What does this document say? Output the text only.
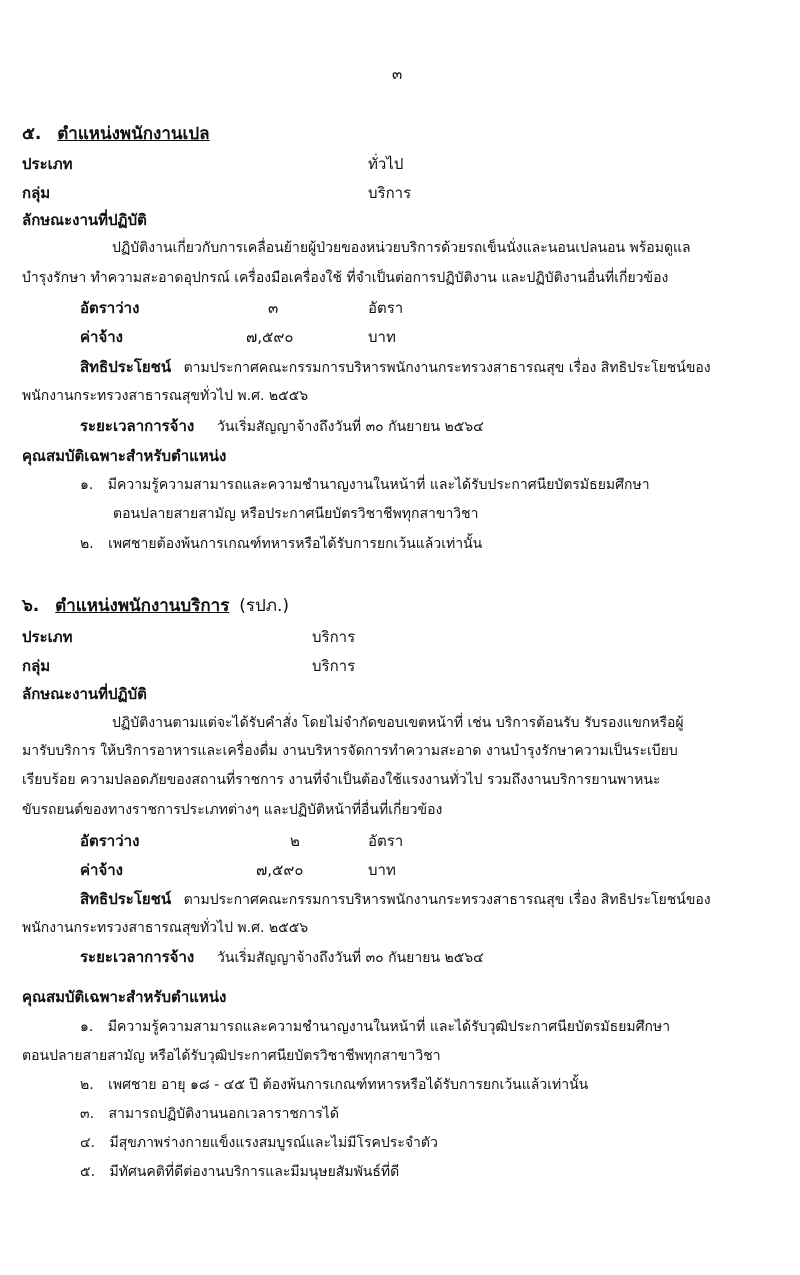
๓
๕. ตำแหน่งพนักงานเปล
ประเภท	ทั่วไป
กลุ่ม	บริการ
ลักษณะงานที่ปฏิบัติ
ปฏิบัติงานเกี่ยวกับการเคลื่อนย้ายผู้ป่วยของหน่วยบริการด้วยรถเข็นนั่งและนอนเปลนอน พร้อมดูแล
บำรุงรักษา ทำความสะอาดอุปกรณ์ เครื่องมือเครื่องใช้ ที่จำเป็นต่อการปฏิบัติงาน และปฏิบัติงานอื่นที่เกี่ยวข้อง
อัตราว่าง	๓	อัตรา
ค่าจ้าง	๗,๕๙๐	บาท
สิทธิประโยชน์ ตามประกาศคณะกรรมการบริหารพนักงานกระทรวงสาธารณสุข เรื่อง สิทธิประโยชน์ของ
พนักงานกระทรวงสาธารณสุขทั่วไป พ.ศ. ๒๕๕๖
ระยะเวลาการจ้าง วันเริ่มสัญญาจ้างถึงวันที่ ๓๐ กันยายน ๒๕๖๔
คุณสมบัติเฉพาะสำหรับตำแหน่ง
๑. มีความรู้ความสามารถและความชำนาญงานในหน้าที่ และได้รับประกาศนียบัตรมัธยมศึกษา
ตอนปลายสายสามัญ หรือประกาศนียบัตรวิชาชีพทุกสาขาวิชา
๒. เพศชายต้องพ้นการเกณฑ์ทหารหรือได้รับการยกเว้นแล้วเท่านั้น
๖. ตำแหน่งพนักงานบริการ (รปภ.)
ประเภท	บริการ
กลุ่ม	บริการ
ลักษณะงานที่ปฏิบัติ
ปฏิบัติงานตามแต่จะได้รับคำสั่ง โดยไม่จำกัดขอบเขตหน้าที่ เช่น บริการต้อนรับ รับรองแขกหรือผู้
มารับบริการ ให้บริการอาหารและเครื่องดื่ม งานบริหารจัดการทำความสะอาด งานบำรุงรักษาความเป็นระเบียบ
เรียบร้อย ความปลอดภัยของสถานที่ราชการ งานที่จำเป็นต้องใช้แรงงานทั่วไป รวมถึงงานบริการยานพาหนะ
ขับรถยนต์ของทางราชการประเภทต่างๆ และปฏิบัติหน้าที่อื่นที่เกี่ยวข้อง
อัตราว่าง	๒	อัตรา
ค่าจ้าง	๗,๕๙๐	บาท
สิทธิประโยชน์ ตามประกาศคณะกรรมการบริหารพนักงานกระทรวงสาธารณสุข เรื่อง สิทธิประโยชน์ของ
พนักงานกระทรวงสาธารณสุขทั่วไป พ.ศ. ๒๕๕๖
ระยะเวลาการจ้าง วันเริ่มสัญญาจ้างถึงวันที่ ๓๐ กันยายน ๒๕๖๔
คุณสมบัติเฉพาะสำหรับตำแหน่ง
๑. มีความรู้ความสามารถและความชำนาญงานในหน้าที่ และได้รับวุฒิประกาศนียบัตรมัธยมศึกษา
ตอนปลายสายสามัญ หรือได้รับวุฒิประกาศนียบัตรวิชาชีพทุกสาขาวิชา
๒. เพศชาย อายุ ๑๘ - ๔๕ ปี ต้องพ้นการเกณฑ์ทหารหรือได้รับการยกเว้นแล้วเท่านั้น
๓. สามารถปฏิบัติงานนอกเวลาราชการได้
๔. มีสุขภาพร่างกายแข็งแรงสมบูรณ์และไม่มีโรคประจำตัว
๕. มีทัศนคติที่ดีต่องานบริการและมีมนุษยสัมพันธ์ที่ดี
